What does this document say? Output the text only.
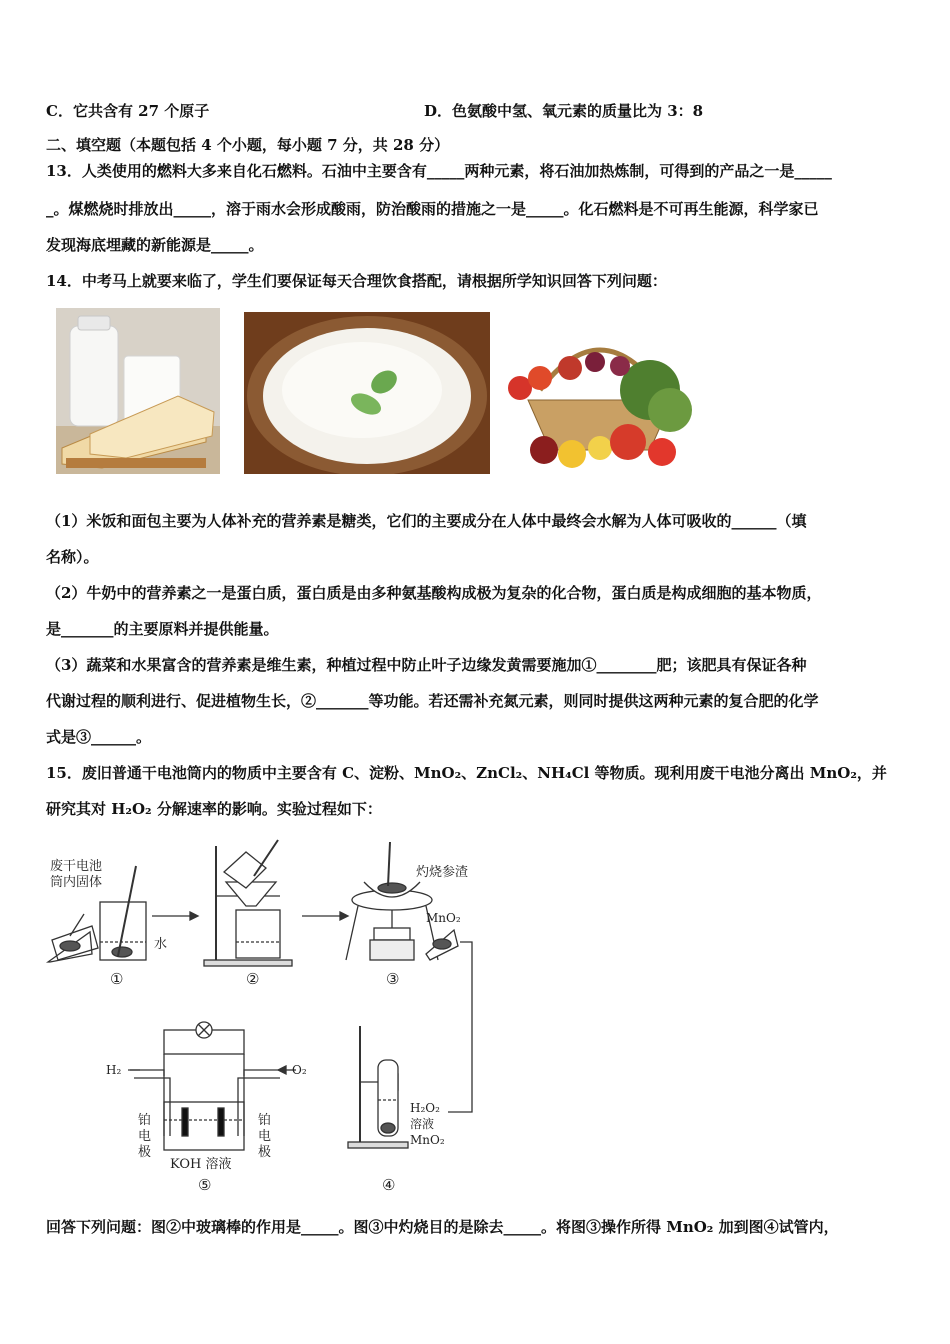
C．它共含有 27 个原子	D．色氨酸中氢、氧元素的质量比为 3：8
二、填空题（本题包括 4 个小题，每小题 7 分，共 28 分）
13．人类使用的燃料大多来自化石燃料。石油中主要含有_____两种元素，将石油加热炼制，可得到的产品之一是_____
_。煤燃烧时排放出_____，溶于雨水会形成酸雨，防治酸雨的措施之一是_____。化石燃料是不可再生能源，科学家已
发现海底埋藏的新能源是_____。
14．中考马上就要来临了，学生们要保证每天合理饮食搭配，请根据所学知识回答下列问题：
（1）米饭和面包主要为人体补充的营养素是糖类，它们的主要成分在人体中最终会水解为人体可吸收的______（填
名称）。
（2）牛奶中的营养素之一是蛋白质，蛋白质是由多种氨基酸构成极为复杂的化合物，蛋白质是构成细胞的基本物质，
是_______的主要原料并提供能量。
（3）蔬菜和水果富含的营养素是维生素，种植过程中防止叶子边缘发黄需要施加①________肥；该肥具有保证各种
代谢过程的顺利进行、促进植物生长，②_______等功能。若还需补充氮元素，则同时提供这两种元素的复合肥的化学
式是③______。
15．废旧普通干电池筒内的物质中主要含有 C、淀粉、MnO₂、ZnCl₂、NH₄Cl 等物质。现利用废干电池分离出 MnO₂，并
研究其对 H₂O₂ 分解速率的影响。实验过程如下：
废干电池
筒内固体
水
灼烧参渣
MnO₂
H₂	O₂
铂
电
极
铂
电
极
KOH 溶液
H₂O₂
溶液
MnO₂
①	②	③
④
⑤
回答下列问题：图②中玻璃棒的作用是_____。图③中灼烧目的是除去_____。将图③操作所得 MnO₂ 加到图④试管内，
